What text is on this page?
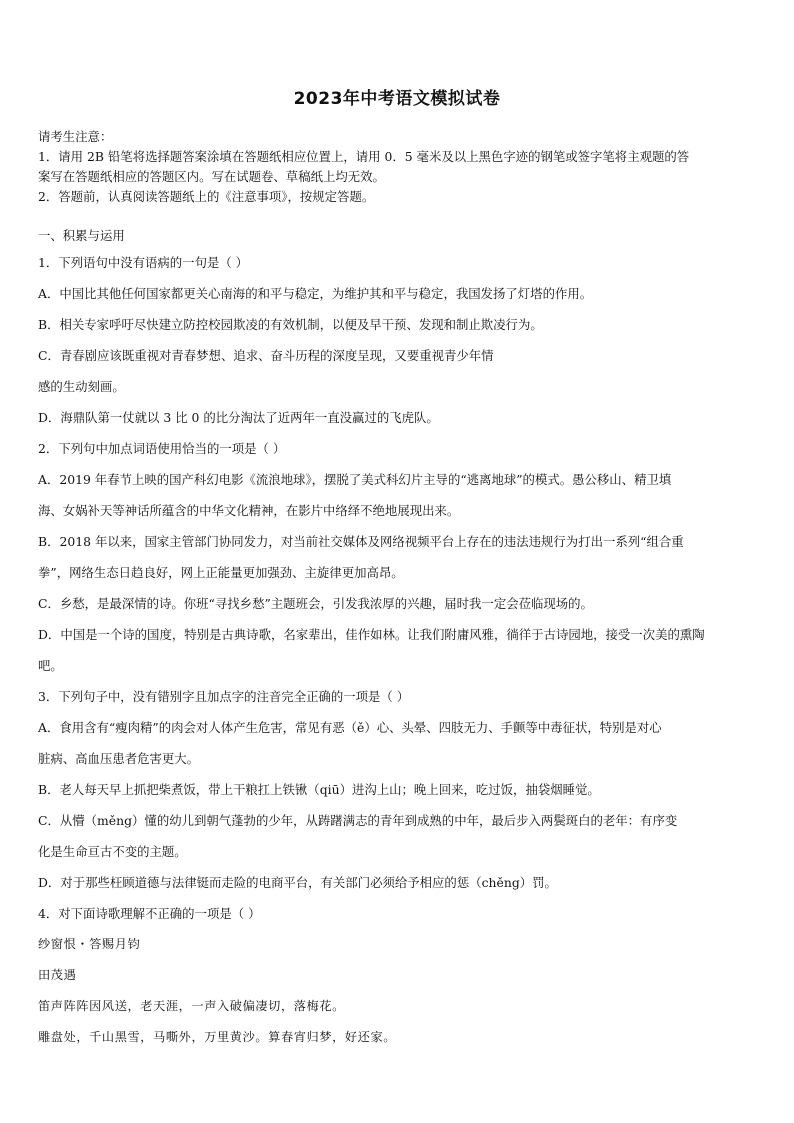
2023年中考语文模拟试卷

请考生注意：

1．请用 2B 铅笔将选择题答案涂填在答题纸相应位置上，请用 0．5 毫米及以上黑色字迹的钢笔或签字笔将主观题的答

案写在答题纸相应的答题区内。写在试题卷、草稿纸上均无效。

2．答题前，认真阅读答题纸上的《注意事项》，按规定答题。

一、积累与运用

1．下列语句中没有语病的一句是（ ）

A．中国比其他任何国家都更关心南海的和平与稳定，为维护其和平与稳定，我国发扬了灯塔的作用。

B．相关专家呼吁尽快建立防控校园欺凌的有效机制，以便及早干预、发现和制止欺凌行为。

C．青春剧应该既重视对青春梦想、追求、奋斗历程的深度呈现，又要重视青少年情

感的生动刻画。

D．海鼎队第一仗就以 3 比 0 的比分淘汰了近两年一直没赢过的飞虎队。

2．下列句中加点词语使用恰当的一项是（ ）

A．2019 年春节上映的国产科幻电影《流浪地球》，摆脱了美式科幻片主导的“逃离地球”的模式。愚公移山、精卫填

海、女娲补天等神话所蕴含的中华文化精神，在影片中络绎不绝地展现出来。

B．2018 年以来，国家主管部门协同发力，对当前社交媒体及网络视频平台上存在的违法违规行为打出一系列“组合重

拳”，网络生态日趋良好，网上正能量更加强劲、主旋律更加高昂。

C．乡愁，是最深情的诗。你班“寻找乡愁”主题班会，引发我浓厚的兴趣，届时我一定会莅临现场的。

D．中国是一个诗的国度，特别是古典诗歌，名家辈出，佳作如林。让我们附庸风雅，徜徉于古诗园地，接受一次美的熏陶

吧。

3．下列句子中，没有错别字且加点字的注音完全正确的一项是（ ）

A．食用含有“瘦肉精”的肉会对人体产生危害，常见有恶（ě）心、头晕、四肢无力、手颤等中毒征状，特别是对心

脏病、高血压患者危害更大。

B．老人每天早上抓把柴煮饭，带上干粮扛上铁锹（qiū）进沟上山；晚上回来，吃过饭，抽袋烟睡觉。

C．从懵（měng）懂的幼儿到朝气蓬勃的少年，从踌躇满志的青年到成熟的中年，最后步入两鬓斑白的老年：有序变

化是生命亘古不变的主题。

D．对于那些枉顾道德与法律铤而走险的电商平台，有关部门必须给予相应的惩（chěng）罚。

4．对下面诗歌理解不正确的一项是（ ）

纱窗恨・答赐月钧

田茂遇

笛声阵阵因风送，老天涯，一声入破偏凄切，落梅花。

雕盘处，千山黑雪，马嘶外，万里黄沙。算春宵归梦，好还家。
